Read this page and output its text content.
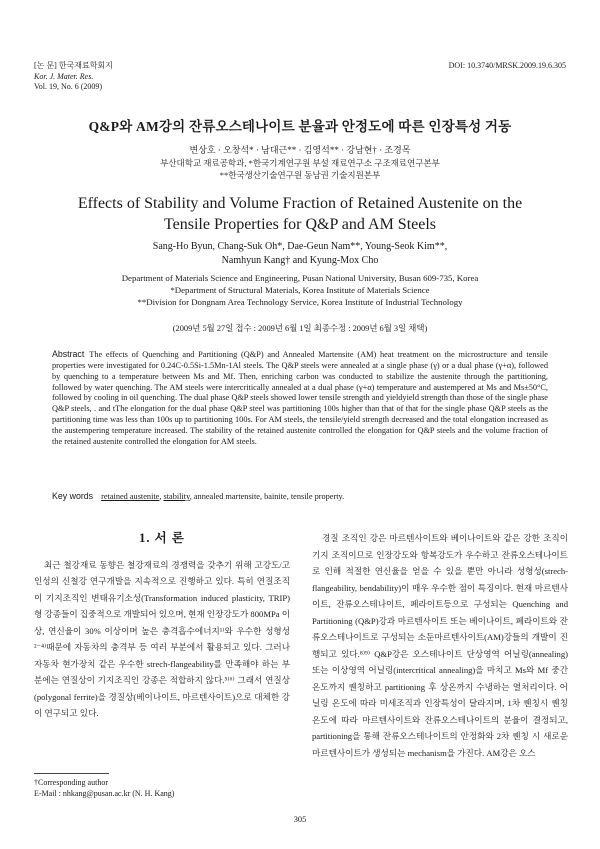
[논 문] 한국재료학회지
Kor. J. Mater. Res.
Vol. 19, No. 6 (2009)
DOI: 10.3740/MRSK.2009.19.6.305
Q&P와 AM강의 잔류오스테나이트 분율과 안정도에 따른 인장특성 거동
변상호 · 오창석* · 남대근** · 김영석** · 강남현† · 조경목
부산대학교 재료공학과, *한국기계연구원 부설 재료연구소 구조재료연구본부
**한국생산기술연구원 동남권 기술지원본부
Effects of Stability and Volume Fraction of Retained Austenite on the
Tensile Properties for Q&P and AM Steels
Sang-Ho Byun, Chang-Suk Oh*, Dae-Geun Nam**, Young-Seok Kim**,
Namhyun Kang† and Kyung-Mox Cho
Department of Materials Science and Engineering, Pusan National University, Busan 609-735, Korea
*Department of Structural Materials, Korea Institute of Materials Science
**Division for Dongnam Area Technology Service, Korea Institute of Industrial Technology
(2009년 5월 27일 접수 : 2009년 6월 1일 최종수정 : 2009년 6월 3일 채택)
Abstract The effects of Quenching and Partitioning (Q&P) and Annealed Martensite (AM) heat treatment on the microstructure and tensile properties were investigated for 0.24C-0.5Si-1.5Mn-1Al steels. The Q&P steels were annealed at a single phase (γ) or a dual phase (γ+α), followed by quenching to a temperature between Ms and Mf. Then, enriching carbon was conducted to stabilize the austenite through the partitioning, followed by water quenching. The AM steels were intercritically annealed at a dual phase (γ+α) temperature and austempered at Ms and Ms±50°C, followed by cooling in oil quenching. The dual phase Q&P steels showed lower tensile strength and yieldyield strength than those of the single phase Q&P steels, . and tThe elongation for the dual phase Q&P steel was partitioning 100s higher than that of that for the single phase Q&P steels as the partitioning time was less than 100s up to partitioning 100s. For AM steels, the tensile/yield strength decreased and the total elongation increased as the austempering temperature increased. The stability of the retained austenite controlled the elongation for Q&P steels and the volume fraction of the retained austenite controlled the elongation for AM steels.
Key words retained austenite, stability, annealed martensite, bainite, tensile property.
1. 서 론

최근 철강재료 동향은 철강재료의 경쟁력을 갖추기 위해 고강도/고인성의 신철강 연구개발을 지속적으로 진행하고 있다. 특히 연질조직이 기지조직인 변태유기소성(Transformation induced plasticity, TRIP)형 강종들이 집중적으로 개발되어 있으며, 현재 인장강도가 800MPa 이상, 연신율이 30% 이상이며 높은 충격흡수에너지¹⁾와 우수한 성형성²⁻⁴⁾때문에 자동차의 충격부 등 여러 부분에서 활용되고 있다. 그러나 자동차 현가장치 같은 우수한 strech-flangeability를 만족해야 하는 부분에는 연질상이 기지조직인 강종은 적합하지 않다.⁵⁾⁶⁾ 그래서 연질상(polygonal ferrite)을 경질상(베이나이트, 마르텐사이트)으로 대체한 강이 연구되고 있다.

경질 조직인 강은 마르텐사이트와 베이나이트와 같은 강한 조직이 기지 조직이므로 인장강도와 항복강도가 우수하고 잔류오스테나이트로 인해 적절한 연신율을 얻을 수 있을 뿐만 아니라 성형성(strech-flangeability, bendability)이 매우 우수한 점이 특징이다. 현재 마르텐사이트, 잔류오스테나이트, 페라이트등으로 구성되는 Quenching and Partitioning (Q&P)강과 마르텐사이트 또는 베이나이트, 페라이트와 잔류오스테나이트로 구성되는 소둔마르텐사이트(AM)강들의 개발이 진행되고 있다.⁸⁾⁹⁾ Q&P강은 오스테나이트 단상영역 어닐링(annealing) 또는 이상영역 어닐링(intercritical annealing)을 마치고 Ms와 Mf 중간 온도까지 퀜칭하고 partitioning 후 상온까지 수냉하는 열처리이다. 어닐링 온도에 따라 미세조직과 인장특성이 달라지며, 1차 퀜칭시 퀜칭온도에 따라 마르텐사이트와 잔류오스테나이트의 분율이 결정되고, partitioning을 통해 잔류오스테나이트의 안정화와 2차 퀜칭 시 새로운 마르텐사이트가 생성되는 mechanism을 가진다. AM강은 오스

†Corresponding author
E-Mail : nhkang@pusan.ac.kr (N. H. Kang)
305
